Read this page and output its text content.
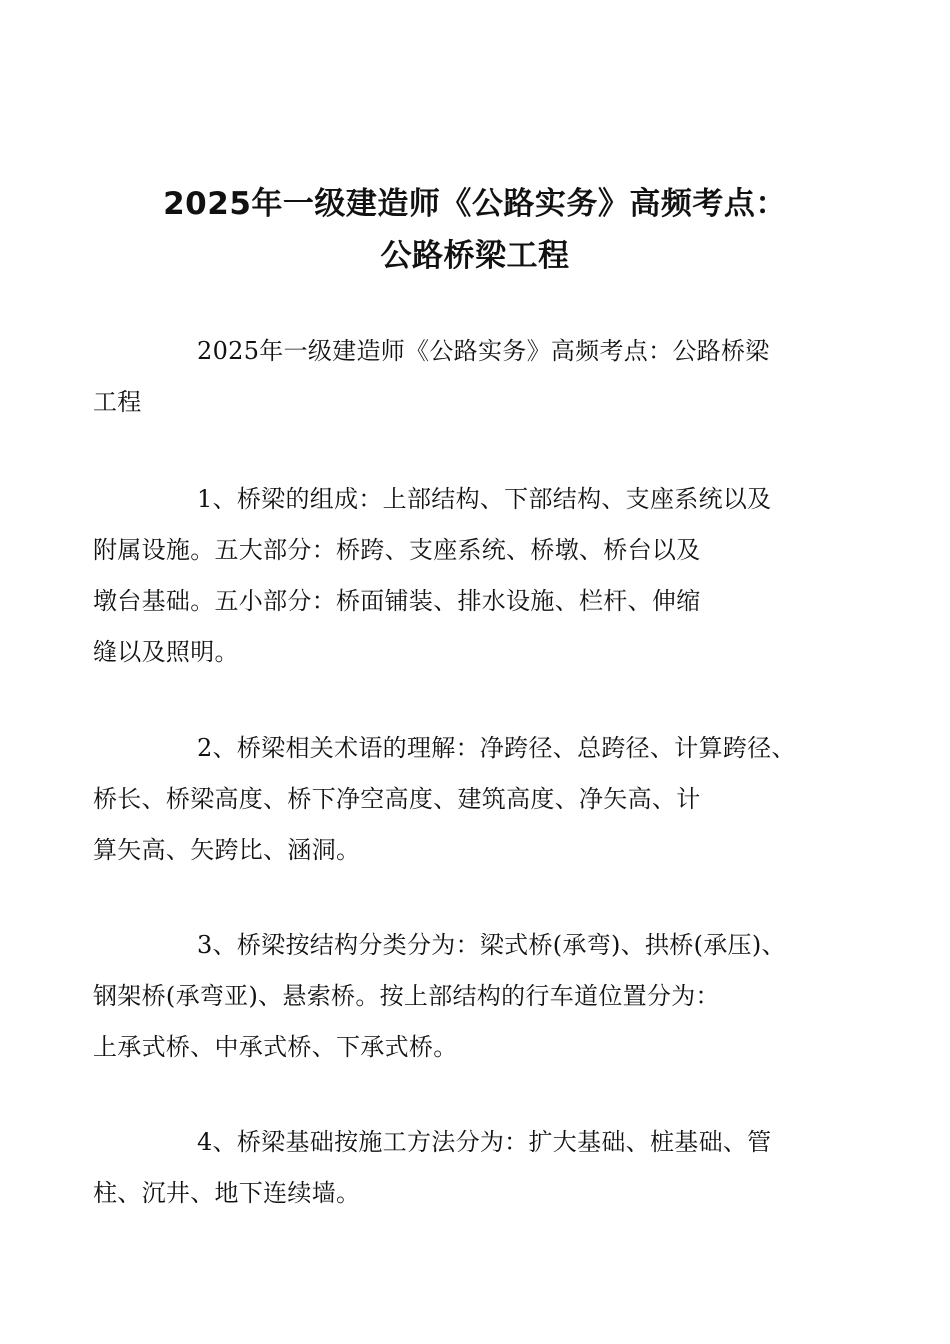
2025年一级建造师《公路实务》高频考点：
公路桥梁工程

2025年一级建造师《公路实务》高频考点：公路桥梁
工程

1、桥梁的组成：上部结构、下部结构、支座系统以及
附属设施。五大部分：桥跨、支座系统、桥墩、桥台以及
墩台基础。五小部分：桥面铺装、排水设施、栏杆、伸缩
缝以及照明。

2、桥梁相关术语的理解：净跨径、总跨径、计算跨径、
桥长、桥梁高度、桥下净空高度、建筑高度、净矢高、计
算矢高、矢跨比、涵洞。

3、桥梁按结构分类分为：梁式桥(承弯)、拱桥(承压)、
钢架桥(承弯亚)、悬索桥。按上部结构的行车道位置分为：
上承式桥、中承式桥、下承式桥。

4、桥梁基础按施工方法分为：扩大基础、桩基础、管
柱、沉井、地下连续墙。
